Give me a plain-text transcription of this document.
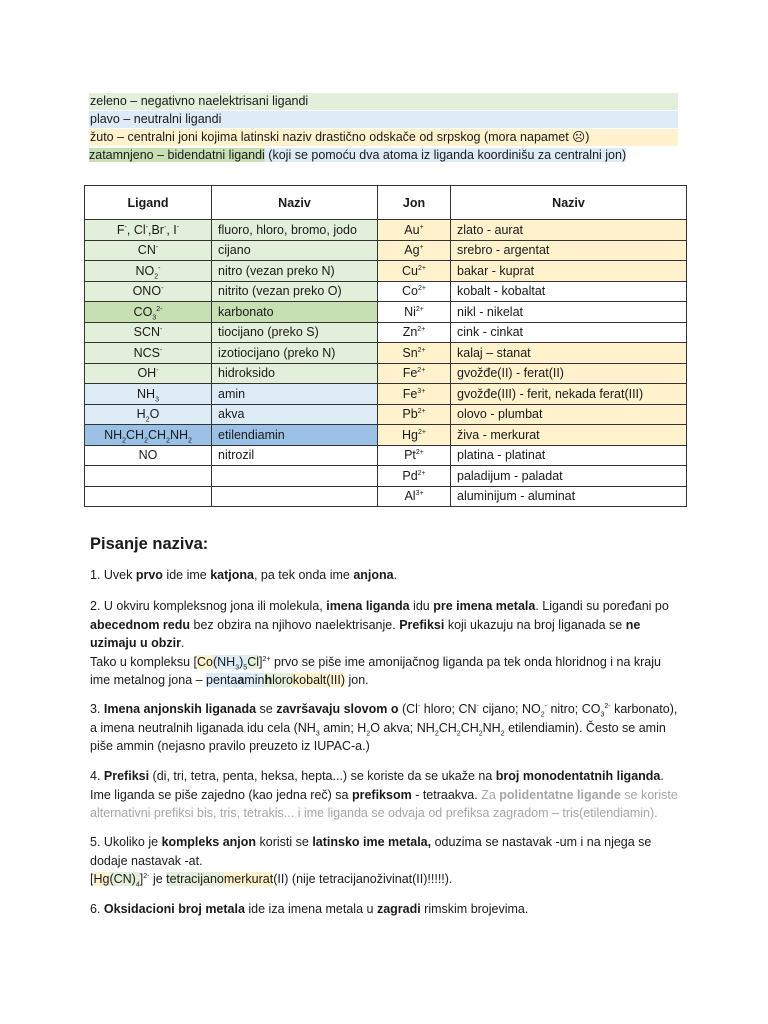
zeleno – negativno naelektrisani ligandi
plavo – neutralni ligandi
žuto – centralni joni kojima latinski naziv drastično odskače od srpskog (mora napamet ☹)
zatamnjeno – bidendatni ligandi (koji se pomoću dva atoma iz liganda koordinišu za centralni jon)
Ligand	Naziv	Jon	Naziv
F-, Cl-,Br-, I-	fluoro, hloro, bromo, jodo	Au+	zlato - aurat
CN-	cijano	Ag+	srebro - argentat
$NO_2^-$	nitro (vezan preko N)	$Cu^{2+}$	bakar - kuprat
ONO-	nitrito (vezan preko O)	$Co^{2+}$	kobalt - kobaltat
$CO_3^{2-}$	karbonato	$Ni^{2+}$	nikl - nikelat
SCN-	tiocijano (preko S)	$Zn^{2+}$	cink - cinkat
NCS-	izotiocijano (preko N)	$Sn^{2+}$	kalaj – stanat
OH-	hidroksido	$Fe^{2+}$	gvožđe(II) - ferat(II)
$NH_3$	amin	$Fe^{3+}$	gvožđe(III) - ferit, nekada ferat(III)
$H_2O$	akva	$Pb^{2+}$	olovo - plumbat
$NH_2CH_2CH_2NH_2$	etilendiamin	$Hg^{2+}$	živa - merkurat
NO	nitrozil	$Pt^{2+}$	platina - platinat
		$Pd^{2+}$	paladijum - paladat
		$Al^{3+}$	aluminijum - aluminat
Pisanje naziva:
1. Uvek prvo ide ime katjona, pa tek onda ime anjona.
2. U okviru kompleksnog jona ili molekula, imena liganda idu pre imena metala. Ligandi su poređani po
abecednom redu bez obzira na njihovo naelektrisanje. Prefiksi koji ukazuju na broj liganada se ne
uzimaju u obzir.
Tako u kompleksu $[Co(NH_3)_5Cl]^{2+}$ prvo se piše ime amonijačnog liganda pa tek onda hloridnog i na kraju
ime metalnog jona – pentaaminhlorokobalt(III) jon.
3. Imena anjonskih liganada se završavaju slovom o (Cl- hloro; CN- cijano; $NO_2^-$ nitro; $CO_3^{2-}$ karbonato),
a imena neutralnih liganada idu cela ($NH_3$ amin; $H_2O$ akva; $NH_2CH_2CH_2NH_2$ etilendiamin). Često se amin
piše ammin (nejasno pravilo preuzeto iz IUPAC-a.)
4. Prefiksi (di, tri, tetra, penta, heksa, hepta...) se koriste da se ukaže na broj monodentatnih liganda.
Ime liganda se piše zajedno (kao jedna reč) sa prefiksom - tetraakva. Za polidentatne ligande se koriste
alternativni prefiksi bis, tris, tetrakis... i ime liganda se odvaja od prefiksa zagradom – tris(etilendiamin).
5. Ukoliko je kompleks anjon koristi se latinsko ime metala, oduzima se nastavak -um i na njega se
dodaje nastavak -at.
$[Hg(CN)_4]^{2-}$ je tetracijanomerkurat(II) (nije tetracijanoživinat(II)!!!!!).
6. Oksidacioni broj metala ide iza imena metala u zagradi rimskim brojevima.
